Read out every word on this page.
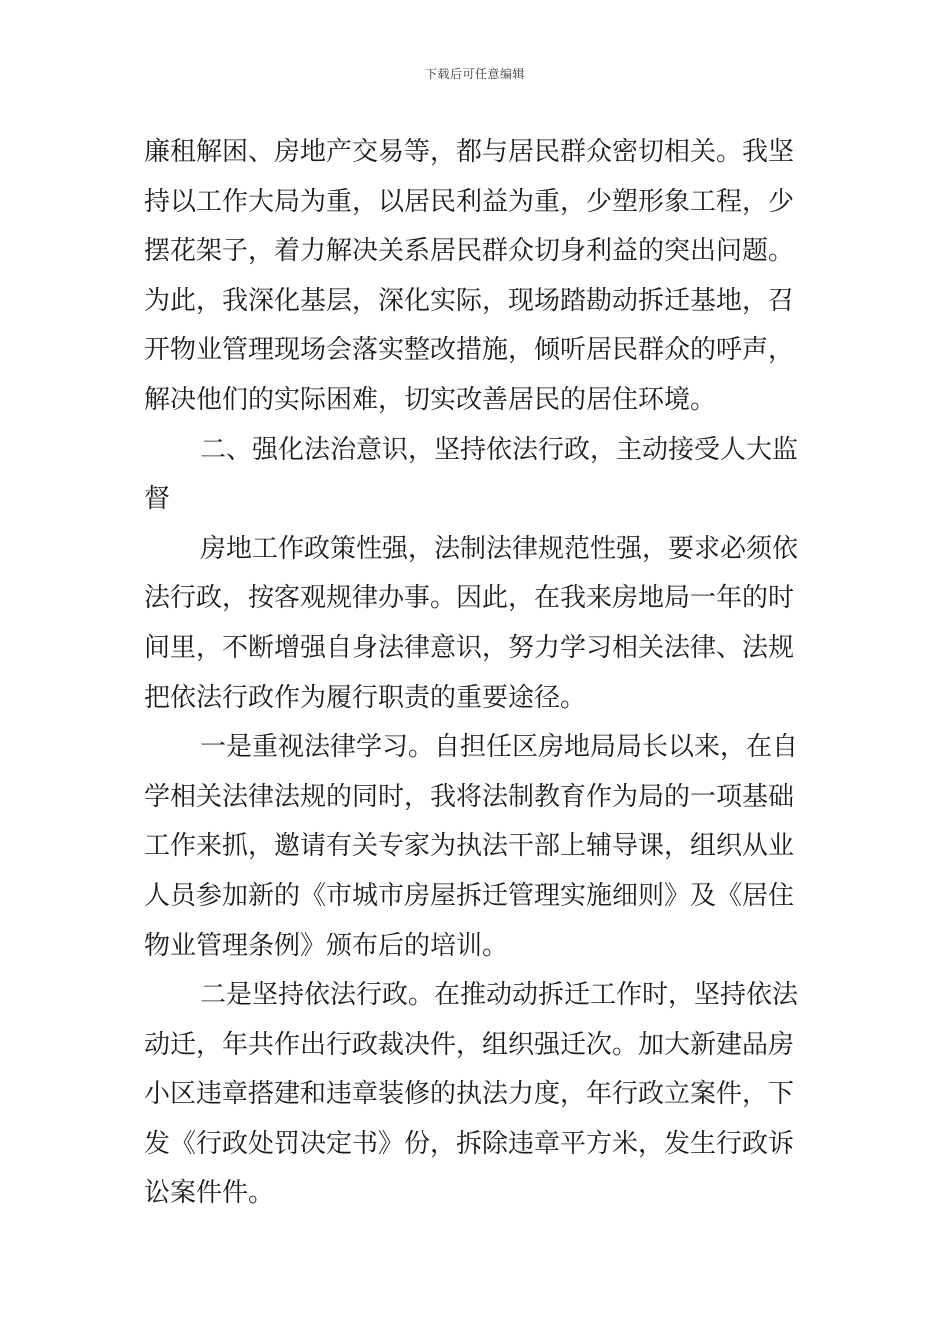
下载后可任意编辑
廉租解困、房地产交易等，都与居民群众密切相关。我坚
持以工作大局为重，以居民利益为重，少塑形象工程，少
摆花架子，着力解决关系居民群众切身利益的突出问题。
为此，我深化基层，深化实际，现场踏勘动拆迁基地，召
开物业管理现场会落实整改措施，倾听居民群众的呼声，
解决他们的实际困难，切实改善居民的居住环境。
二、强化法治意识，坚持依法行政，主动接受人大监
督
房地工作政策性强，法制法律规范性强，要求必须依
法行政，按客观规律办事。因此，在我来房地局一年的时
间里，不断增强自身法律意识，努力学习相关法律、法规
把依法行政作为履行职责的重要途径。
一是重视法律学习。自担任区房地局局长以来，在自
学相关法律法规的同时，我将法制教育作为局的一项基础
工作来抓，邀请有关专家为执法干部上辅导课，组织从业
人员参加新的《市城市房屋拆迁管理实施细则》及《居住
物业管理条例》颁布后的培训。
二是坚持依法行政。在推动动拆迁工作时，坚持依法
动迁，年共作出行政裁决件，组织强迁次。加大新建品房
小区违章搭建和违章装修的执法力度，年行政立案件，下
发《行政处罚决定书》份，拆除违章平方米，发生行政诉
讼案件件。
